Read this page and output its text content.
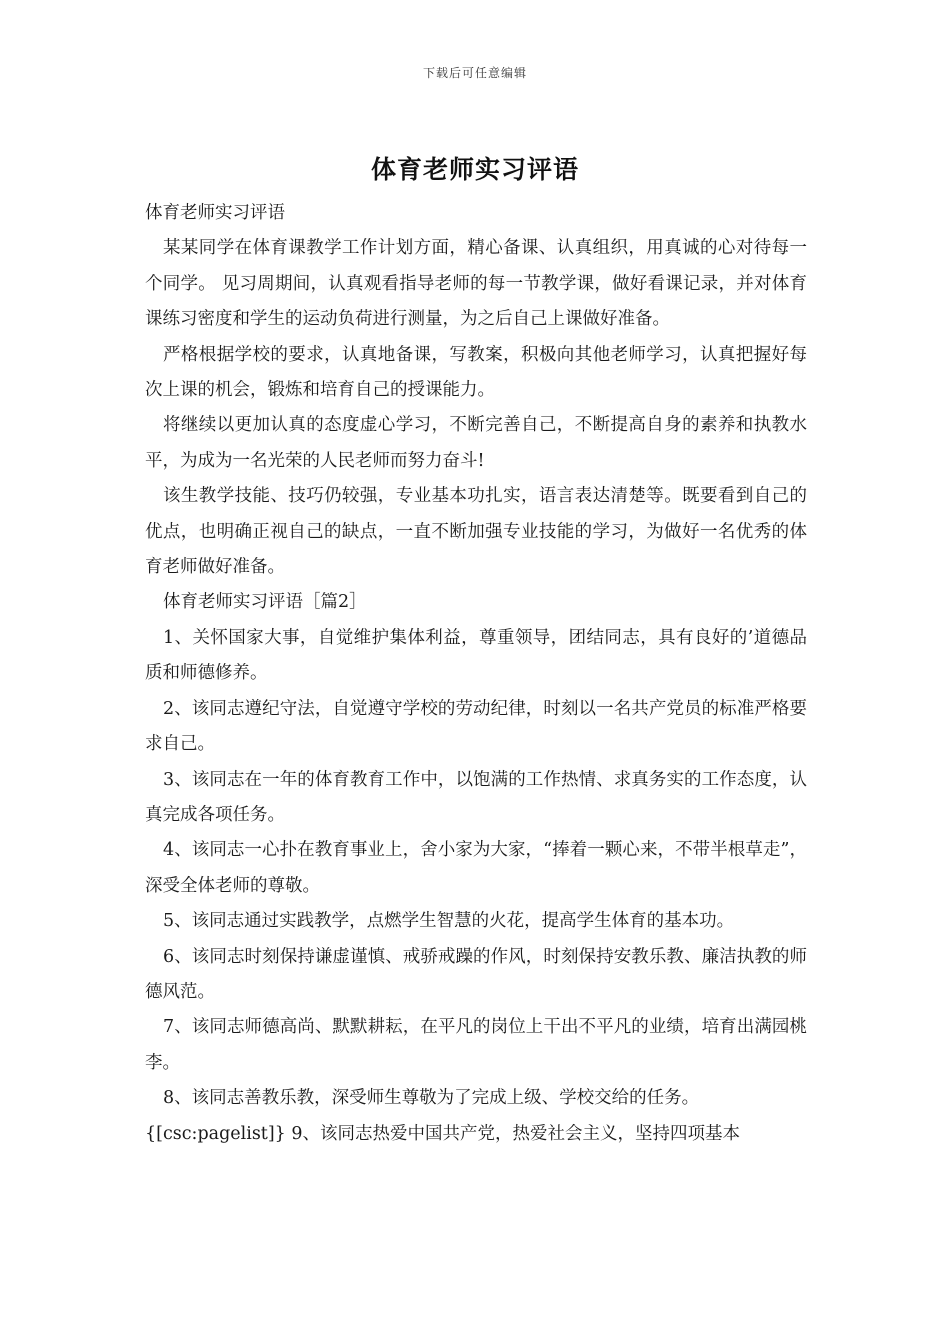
下载后可任意编辑
体育老师实习评语

体育老师实习评语

某某同学在体育课教学工作计划方面，精心备课、认真组织，用真诚的心对待每一个同学。 见习周期间，认真观看指导老师的每一节教学课，做好看课记录，并对体育课练习密度和学生的运动负荷进行测量，为之后自己上课做好准备。

严格根据学校的要求，认真地备课，写教案，积极向其他老师学习，认真把握好每次上课的机会，锻炼和培育自己的授课能力。

将继续以更加认真的态度虚心学习，不断完善自己，不断提高自身的素养和执教水平，为成为一名光荣的人民老师而努力奋斗!

该生教学技能、技巧仍较强，专业基本功扎实，语言表达清楚等。既要看到自己的优点，也明确正视自己的缺点，一直不断加强专业技能的学习，为做好一名优秀的体育老师做好准备。

体育老师实习评语［篇2］

1、关怀国家大事，自觉维护集体利益，尊重领导，团结同志，具有良好的’道德品质和师德修养。

2、该同志遵纪守法，自觉遵守学校的劳动纪律，时刻以一名共产党员的标准严格要求自己。

3、该同志在一年的体育教育工作中，以饱满的工作热情、求真务实的工作态度，认真完成各项任务。

4、该同志一心扑在教育事业上，舍小家为大家，“捧着一颗心来，不带半根草走”，深受全体老师的尊敬。

5、该同志通过实践教学，点燃学生智慧的火花，提高学生体育的基本功。

6、该同志时刻保持谦虚谨慎、戒骄戒躁的作风，时刻保持安教乐教、廉洁执教的师德风范。

7、该同志师德高尚、默默耕耘，在平凡的岗位上干出不平凡的业绩，培育出满园桃李。

8、该同志善教乐教，深受师生尊敬为了完成上级、学校交给的任务。

{[csc:pagelist]} 9、该同志热爱中国共产党，热爱社会主义，坚持四项基本
